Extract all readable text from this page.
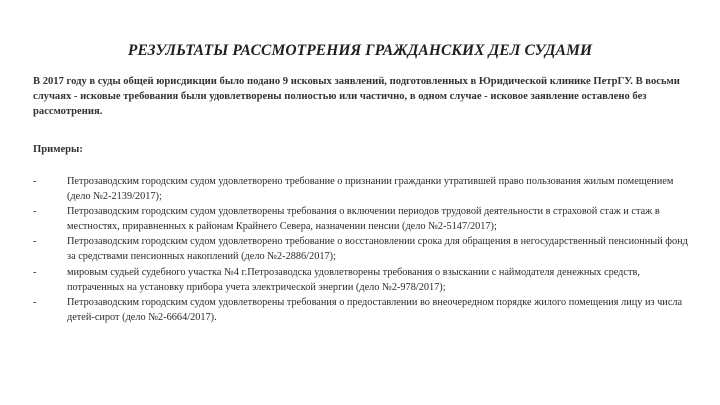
РЕЗУЛЬТАТЫ РАССМОТРЕНИЯ ГРАЖДАНСКИХ ДЕЛ СУДАМИ
В 2017 году в суды общей юрисдикции было подано 9 исковых заявлений, подготовленных в Юридической клинике ПетрГУ. В восьми случаях - исковые требования были удовлетворены полностью или частично, в одном случае - исковое заявление оставлено без рассмотрения.
Примеры:
-	Петрозаводским городским судом удовлетворено требование о признании гражданки утратившей право пользования жилым помещением (дело №2-2139/2017);
-	Петрозаводским городским судом удовлетворены требования о включении периодов трудовой деятельности в страховой стаж и стаж в местностях, приравненных к районам Крайнего Севера, назначении пенсии (дело №2-5147/2017);
-	Петрозаводским городским судом удовлетворено требование о восстановлении срока для обращения в негосударственный пенсионный фонд за средствами пенсионных накоплений (дело №2-2886/2017);
-	мировым судьей судебного участка №4 г.Петрозаводска удовлетворены требования о взыскании с наймодателя денежных средств, потраченных на установку прибора учета электрической энергии (дело №2-978/2017);
-	Петрозаводским городским судом удовлетворены требования о предоставлении во внеочередном порядке жилого помещения лицу из числа детей-сирот (дело №2-6664/2017).
